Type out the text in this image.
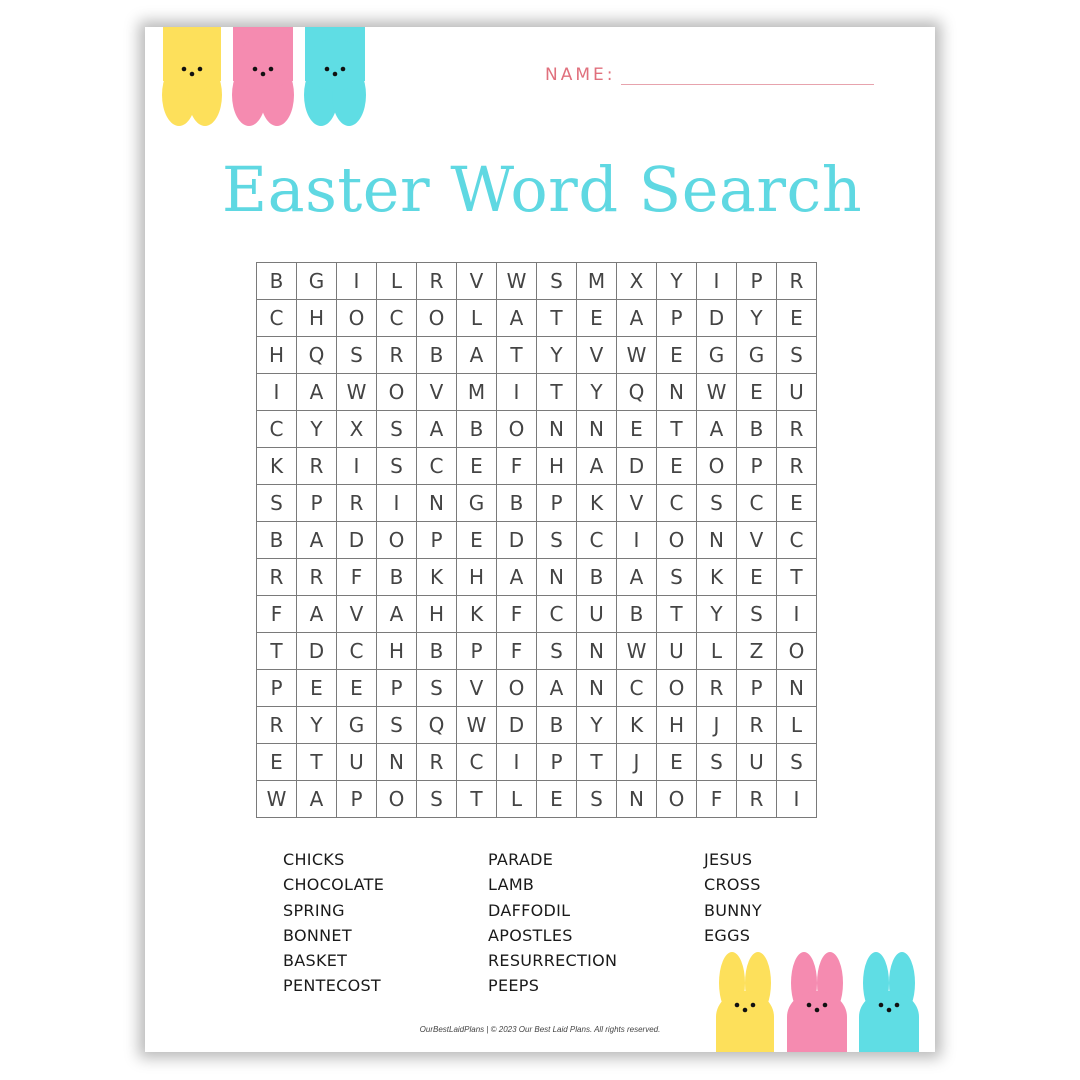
NAME:
Easter Word Search
B	G	I	L	R	V	W	S	M	X	Y	I	P	R
C	H	O	C	O	L	A	T	E	A	P	D	Y	E
H	Q	S	R	B	A	T	Y	V	W	E	G	G	S
I	A	W	O	V	M	I	T	Y	Q	N	W	E	U
C	Y	X	S	A	B	O	N	N	E	T	A	B	R
K	R	I	S	C	E	F	H	A	D	E	O	P	R
S	P	R	I	N	G	B	P	K	V	C	S	C	E
B	A	D	O	P	E	D	S	C	I	O	N	V	C
R	R	F	B	K	H	A	N	B	A	S	K	E	T
F	A	V	A	H	K	F	C	U	B	T	Y	S	I
T	D	C	H	B	P	F	S	N	W	U	L	Z	O
P	E	E	P	S	V	O	A	N	C	O	R	P	N
R	Y	G	S	Q	W	D	B	Y	K	H	J	R	L
E	T	U	N	R	C	I	P	T	J	E	S	U	S
W	A	P	O	S	T	L	E	S	N	O	F	R	I
CHICKS
CHOCOLATE
SPRING
BONNET
BASKET
PENTECOST
PARADE
LAMB
DAFFODIL
APOSTLES
RESURRECTION
PEEPS
JESUS
CROSS
BUNNY
EGGS
OurBestLaidPlans | © 2023 Our Best Laid Plans. All rights reserved.
